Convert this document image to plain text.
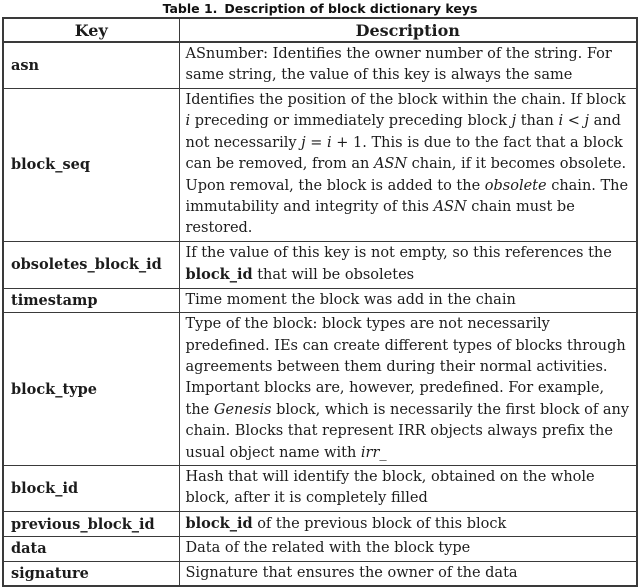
Table 1. Description of block dictionary keys
Key	Description
asn	ASnumber: Identifies the owner number of the string. For same string, the value of this key is always the same
block_seq	Identifies the position of the block within the chain. If block i preceding or immediately preceding block j than i < j and not necessarily j = i + 1. This is due to the fact that a block can be removed, from an ASN chain, if it becomes obsolete. Upon removal, the block is added to the obsolete chain. The immutability and integrity of this ASN chain must be restored.
obsoletes_block_id	If the value of this key is not empty, so this references the block_id that will be obsoletes
timestamp	Time moment the block was add in the chain
block_type	Type of the block: block types are not necessarily predefined. IEs can create different types of blocks through agreements between them during their normal activities. Important blocks are, however, predefined. For example, the Genesis block, which is necessarily the first block of any chain. Blocks that represent IRR objects always prefix the usual object name with irr_
block_id	Hash that will identify the block, obtained on the whole block, after it is completely filled
previous_block_id	block_id of the previous block of this block
data	Data of the related with the block type
signature	Signature that ensures the owner of the data
